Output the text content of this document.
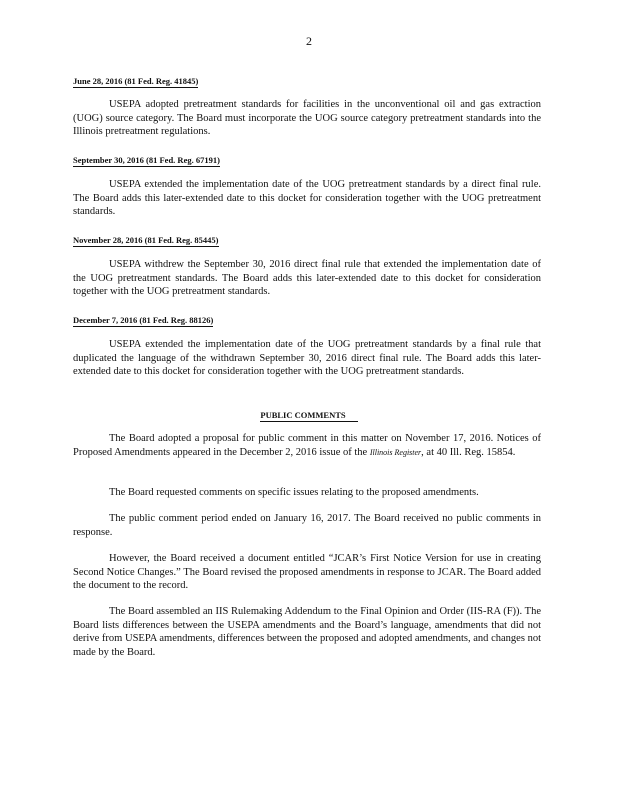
2
June 28, 2016 (81 Fed. Reg. 41845)
USEPA adopted pretreatment standards for facilities in the unconventional oil and gas extraction (UOG) source category. The Board must incorporate the UOG source category pretreatment standards into the Illinois pretreatment regulations.
September 30, 2016 (81 Fed. Reg. 67191)
USEPA extended the implementation date of the UOG pretreatment standards by a direct final rule. The Board adds this later-extended date to this docket for consideration together with the UOG pretreatment standards.
November 28, 2016 (81 Fed. Reg. 85445)
USEPA withdrew the September 30, 2016 direct final rule that extended the implementation date of the UOG pretreatment standards. The Board adds this later-extended date to this docket for consideration together with the UOG pretreatment standards.
December 7, 2016 (81 Fed. Reg. 88126)
USEPA extended the implementation date of the UOG pretreatment standards by a final rule that duplicated the language of the withdrawn September 30, 2016 direct final rule. The Board adds this later-extended date to this docket for consideration together with the UOG pretreatment standards.
PUBLIC COMMENTS
The Board adopted a proposal for public comment in this matter on November 17, 2016. Notices of Proposed Amendments appeared in the December 2, 2016 issue of the Illinois Register, at 40 Ill. Reg. 15854.
The Board requested comments on specific issues relating to the proposed amendments.
The public comment period ended on January 16, 2017. The Board received no public comments in response.
However, the Board received a document entitled “JCAR’s First Notice Version for use in creating Second Notice Changes.” The Board revised the proposed amendments in response to JCAR. The Board added the document to the record.
The Board assembled an IIS Rulemaking Addendum to the Final Opinion and Order (IIS-RA (F)). The Board lists differences between the USEPA amendments and the Board’s language, amendments that did not derive from USEPA amendments, differences between the proposed and adopted amendments, and changes not made by the Board.
